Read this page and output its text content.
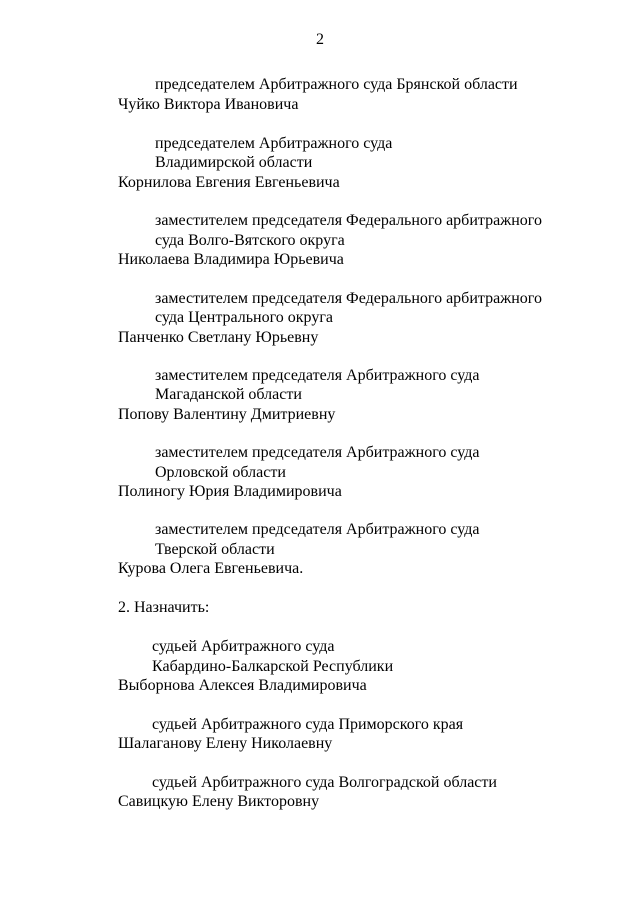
2
председателем Арбитражного суда Брянской области
Чуйко Виктора Ивановича
председателем Арбитражного суда
Владимирской области
Корнилова Евгения Евгеньевича
заместителем председателя Федерального арбитражного
суда Волго-Вятского округа
Николаева Владимира Юрьевича
заместителем председателя Федерального арбитражного
суда Центрального округа
Панченко Светлану Юрьевну
заместителем председателя Арбитражного суда
Магаданской области
Попову Валентину Дмитриевну
заместителем председателя Арбитражного суда
Орловской области
Полиногу Юрия Владимировича
заместителем председателя Арбитражного суда
Тверской области
Курова Олега Евгеньевича.
2. Назначить:
судьей Арбитражного суда
Кабардино-Балкарской Республики
Выборнова Алексея Владимировича
судьей Арбитражного суда Приморского края
Шалаганову Елену Николаевну
судьей Арбитражного суда Волгоградской области
Савицкую Елену Викторовну
